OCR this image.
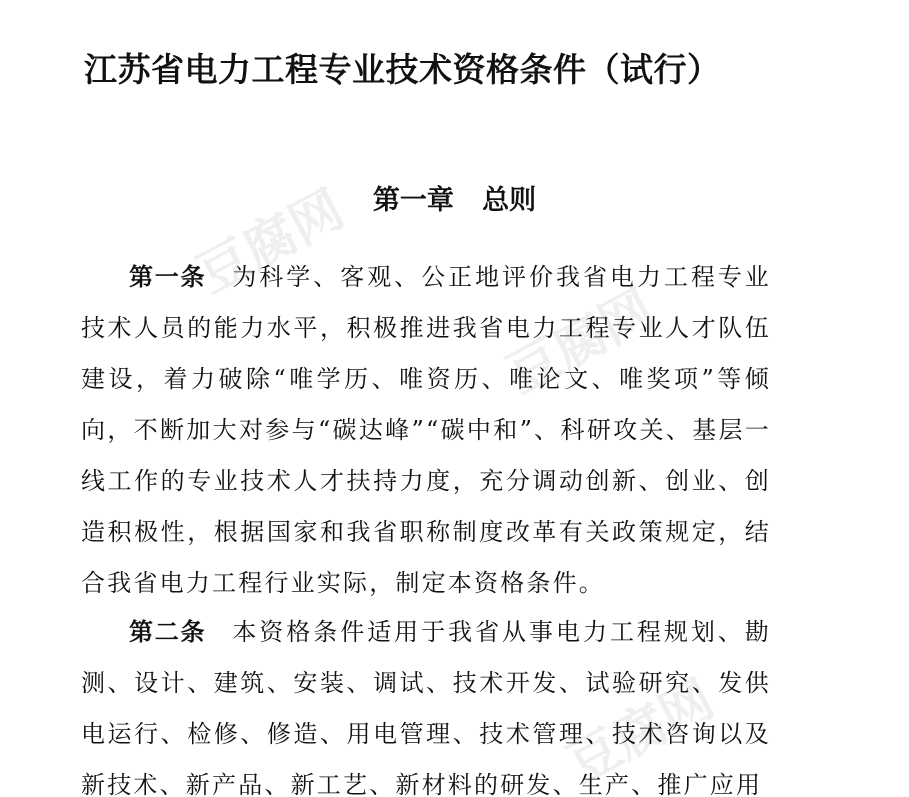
豆腐网
豆腐网
豆腐网
江苏省电力工程专业技术资格条件（试行）
第一章 总则

第一条 为科学、客观、公正地评价我省电力工程专业技术人员的能力水平，积极推进我省电力工程专业人才队伍建设，着力破除“唯学历、唯资历、唯论文、唯奖项”等倾向，不断加大对参与“碳达峰”“碳中和”、科研攻关、基层一线工作的专业技术人才扶持力度，充分调动创新、创业、创造积极性，根据国家和我省职称制度改革有关政策规定，结合我省电力工程行业实际，制定本资格条件。

第二条 本资格条件适用于我省从事电力工程规划、勘测、设计、建筑、安装、调试、技术开发、试验研究、发供电运行、检修、修造、用电管理、技术管理、技术咨询以及新技术、新产品、新工艺、新材料的研发、生产、推广应用
